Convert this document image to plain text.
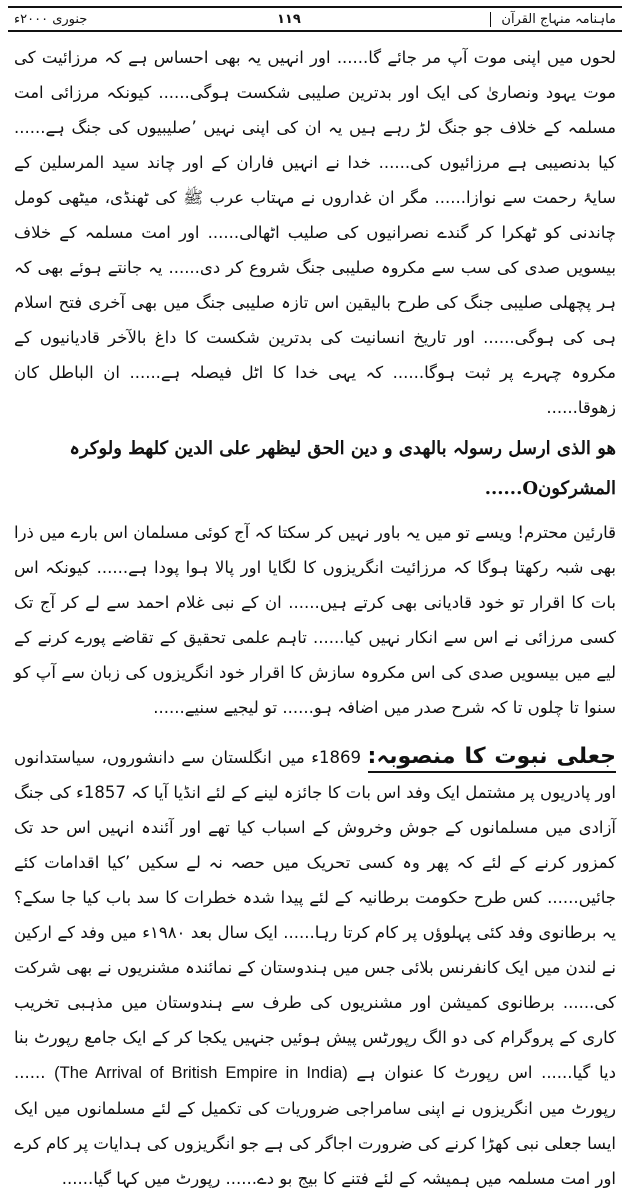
ماہنامہ منہاج القرآن
۱۱۹
جنوری ۲۰۰۰ء

لحوں میں اپنی موت آپ مر جائے گا...... اور انہیں یہ بھی احساس ہے کہ مرزائیت کی موت یہود ونصاریٰ کی ایک اور بدترین صلیبی شکست ہوگی...... کیونکہ مرزائی امت مسلمہ کے خلاف جو جنگ لڑ رہے ہیں یہ ان کی اپنی نہیں ’صلیبیوں کی جنگ ہے...... کیا بدنصیبی ہے مرزائیوں کی...... خدا نے انہیں فاران کے اور چاند سید المرسلین کے سایۂ رحمت سے نوازا...... مگر ان غداروں نے مہتاب عرب ﷺ کی ٹھنڈی، میٹھی کومل چاندنی کو ٹھکرا کر گندے نصرانیوں کی صلیب اٹھالی...... اور امت مسلمہ کے خلاف بیسویں صدی کی سب سے مکروہ صلیبی جنگ شروع کر دی...... یہ جانتے ہوئے بھی کہ ہر پچھلی صلیبی جنگ کی طرح بالیقین اس تازہ صلیبی جنگ میں بھی آخری فتح اسلام ہی کی ہوگی...... اور تاریخ انسانیت کی بدترین شکست کا داغ بالآخر قادیانیوں کے مکروہ چہرے پر ثبت ہوگا...... کہ یہی خدا کا اٹل فیصلہ ہے...... ان الباطل کان زھوقا......

ھو الذی ارسل رسولہ بالھدی و دین الحق لیظھر علی الدین کلھط ولوکرہ
المشرکونO......

قارئین محترم! ویسے تو میں یہ باور نہیں کر سکتا کہ آج کوئی مسلمان اس بارے میں ذرا بھی شبہ رکھتا ہوگا کہ مرزائیت انگریزوں کا لگایا اور پالا ہوا پودا ہے...... کیونکہ اس بات کا اقرار تو خود قادیانی بھی کرتے ہیں...... ان کے نبی غلام احمد سے لے کر آج تک کسی مرزائی نے اس سے انکار نہیں کیا...... تاہم علمی تحقیق کے تقاضے پورے کرنے کے لیے میں بیسویں صدی کی اس مکروہ سازش کا اقرار خود انگریزوں کی زبان سے آپ کو سنوا تا چلوں تا کہ شرح صدر میں اضافہ ہو...... تو لیجیے سنیے......

جعلی نبوت کا منصوبہ: 1869ء میں انگلستان سے دانشوروں، سیاستدانوں اور پادریوں پر مشتمل ایک وفد اس بات کا جائزہ لینے کے لئے انڈیا آیا کہ 1857ء کی جنگ آزادی میں مسلمانوں کے جوش وخروش کے اسباب کیا تھے اور آئندہ انہیں اس حد تک کمزور کرنے کے لئے کہ پھر وہ کسی تحریک میں حصہ نہ لے سکیں ’کیا اقدامات کئے جائیں...... کس طرح حکومت برطانیہ کے لئے پیدا شدہ خطرات کا سد باب کیا جا سکے؟ یہ برطانوی وفد کئی پہلوؤں پر کام کرتا رہا...... ایک سال بعد ۱۹۸۰ء میں وفد کے ارکین نے لندن میں ایک کانفرنس بلائی جس میں ہندوستان کے نمائندہ مشنریوں نے بھی شرکت کی...... برطانوی کمیشن اور مشنریوں کی طرف سے ہندوستان میں مذہبی تخریب کاری کے پروگرام کی دو الگ رپورٹس پیش ہوئیں جنہیں یکجا کر کے ایک جامع رپورٹ بنا دیا گیا...... اس رپورٹ کا عنوان ہے (The Arrival of British Empire in India) ...... رپورٹ میں انگریزوں نے اپنی سامراجی ضروریات کی تکمیل کے لئے مسلمانوں میں ایک ایسا جعلی نبی کھڑا کرنے کی ضرورت اجاگر کی ہے جو انگریزوں کی ہدایات پر کام کرے اور امت مسلمہ میں ہمیشہ کے لئے فتنے کا بیج بو دے...... رپورٹ میں کہا گیا......
